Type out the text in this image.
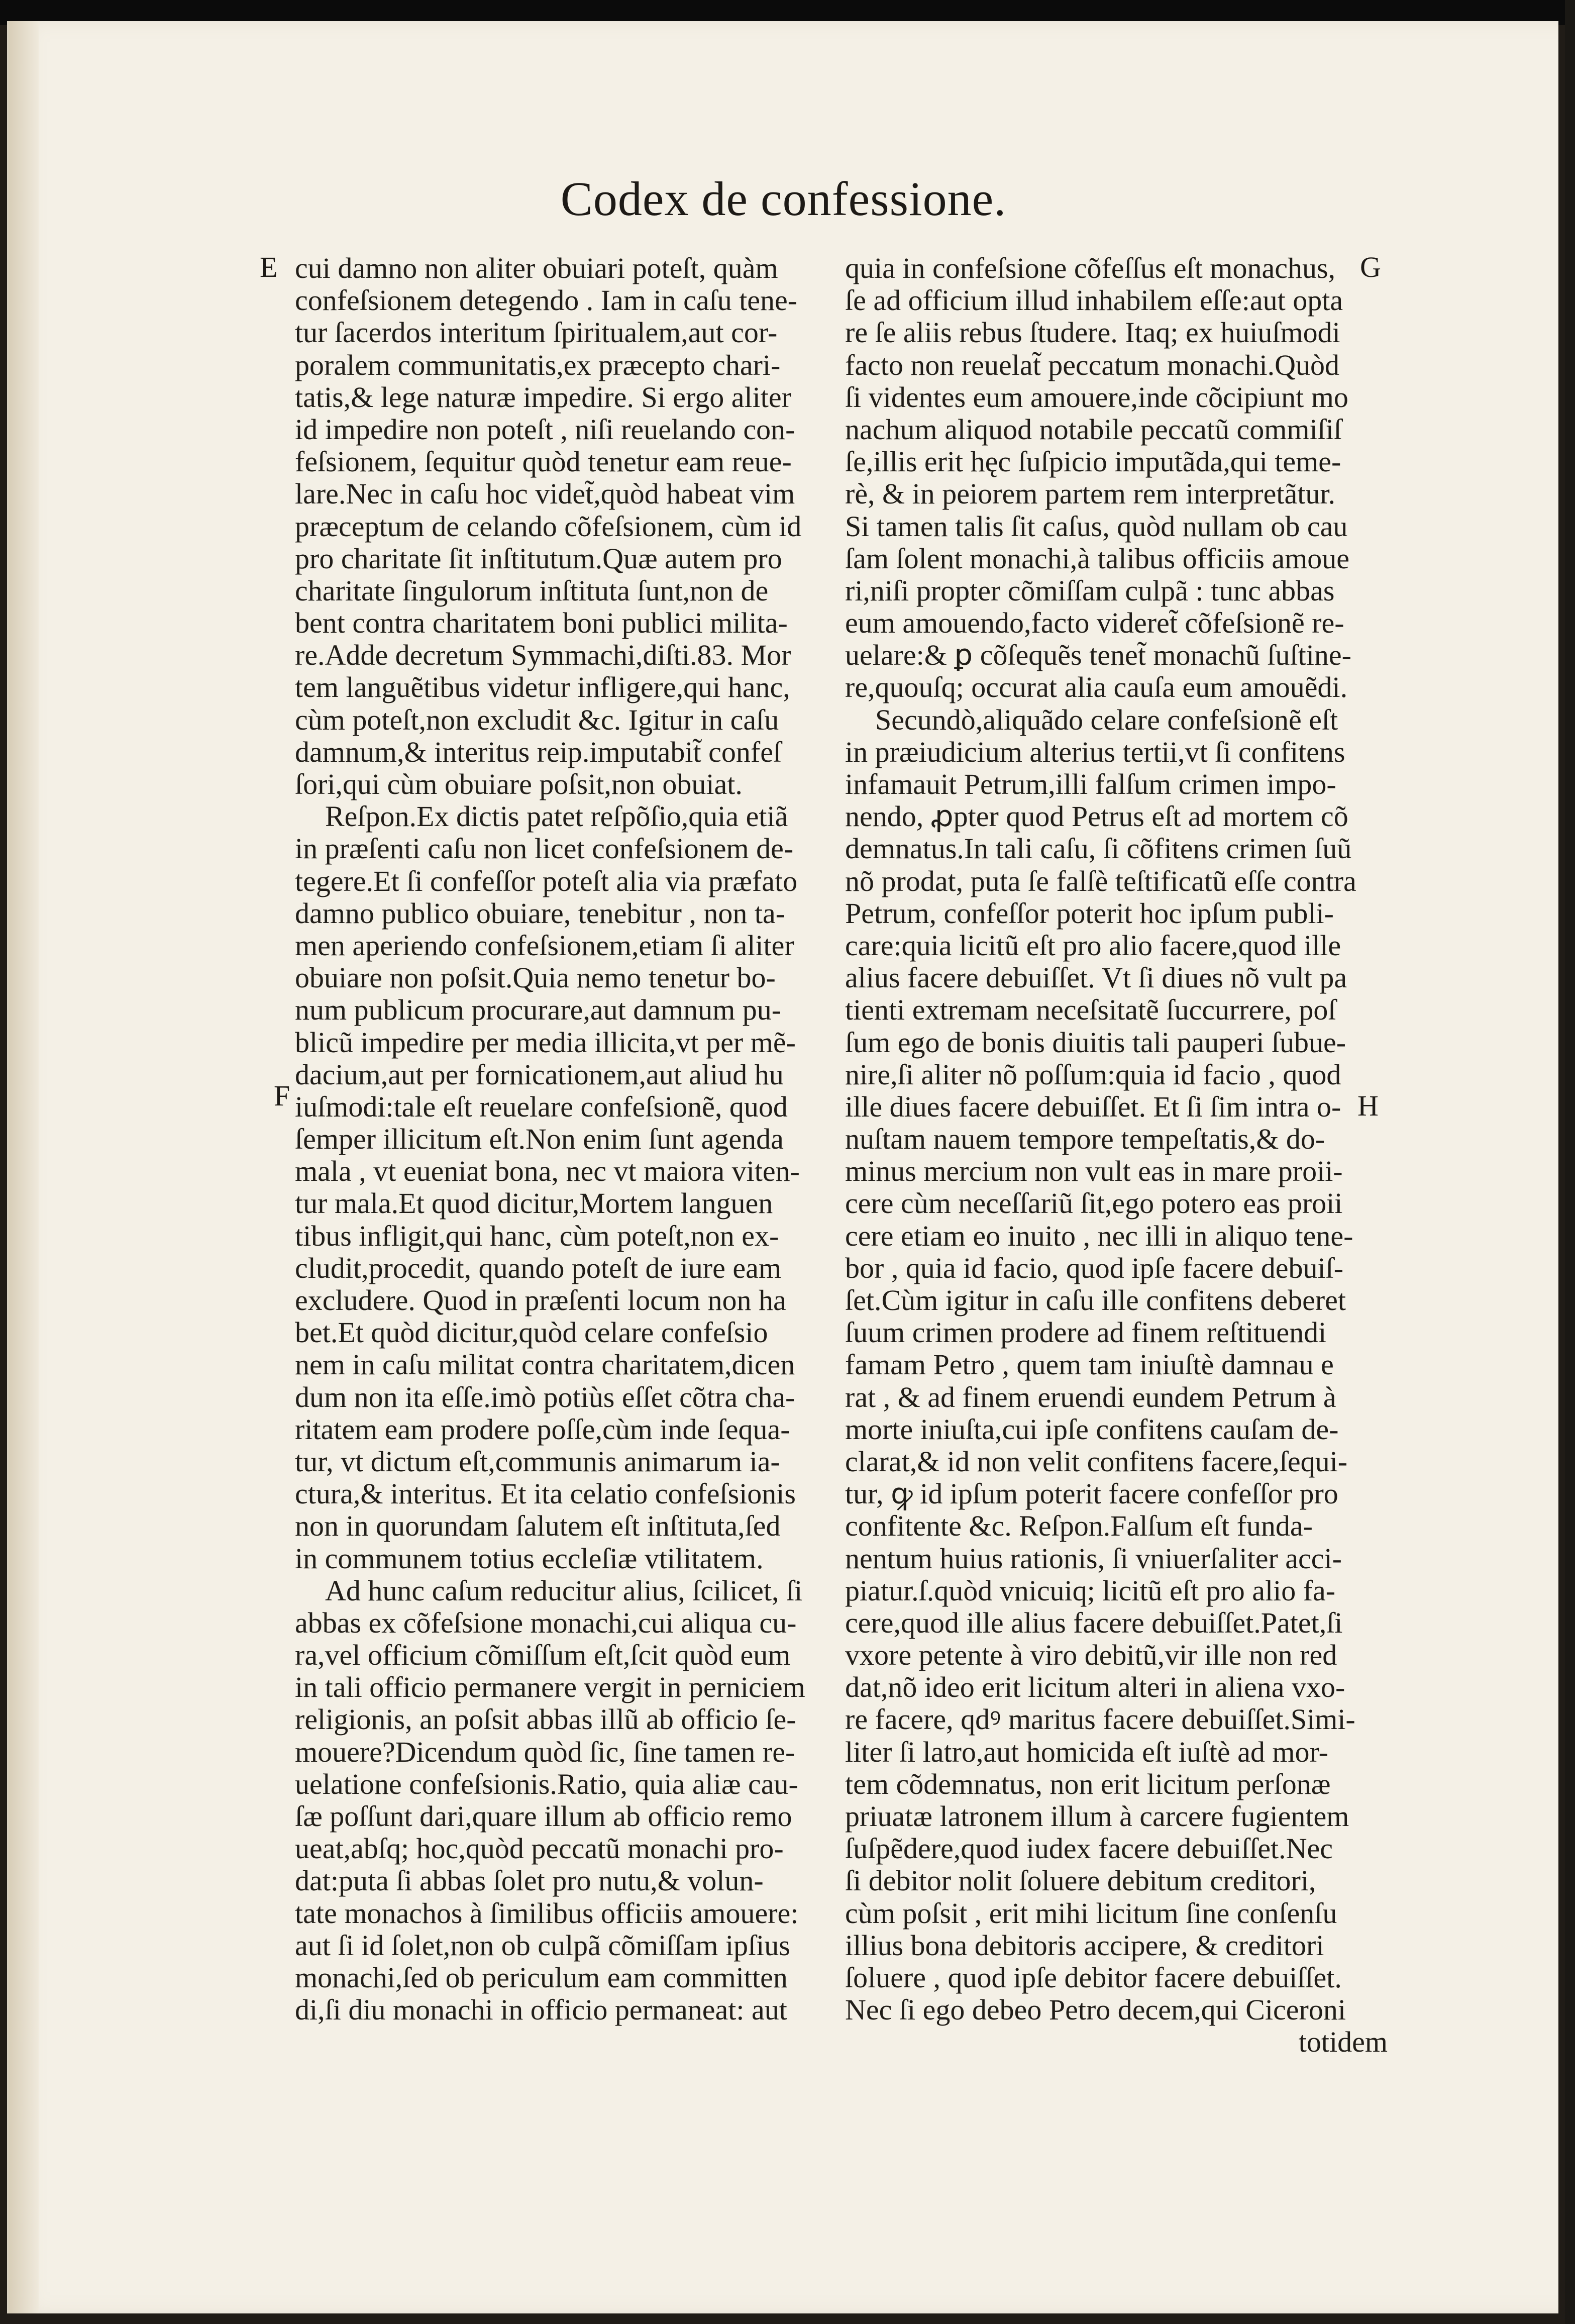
Codex de confessione.
E
F
G
H
cui damno non aliter obuiari poteſt, quàm
confeſsionem detegendo . Iam in caſu tene-
tur ſacerdos interitum ſpiritualem,aut cor-
poralem communitatis,ex præcepto chari-
tatis,& lege naturæ impedire. Si ergo aliter
id impedire non poteſt , niſi reuelando con-
feſsionem, ſequitur quòd tenetur eam reue-
lare.Nec in caſu hoc videt̃,quòd habeat vim
præceptum de celando cõfeſsionem, cùm id
pro charitate ſit inſtitutum.Quæ autem pro
charitate ſingulorum inſtituta ſunt,non de
bent contra charitatem boni publici milita-
re.Adde decretum Symmachi,diſti.83. Mor
tem languẽtibus videtur infligere,qui hanc,
cùm poteſt,non excludit &c. Igitur in caſu
damnum,& interitus reip.imputabit̃ confeſ
ſori,qui cùm obuiare poſsit,non obuiat.
Reſpon.Ex dictis patet reſpõſio,quia etiã
in præſenti caſu non licet confeſsionem de-
tegere.Et ſi confeſſor poteſt alia via præfato
damno publico obuiare, tenebitur , non ta-
men aperiendo confeſsionem,etiam ſi aliter
obuiare non poſsit.Quia nemo tenetur bo-
num publicum procurare,aut damnum pu-
blicũ impedire per media illicita,vt per mẽ-
dacium,aut per fornicationem,aut aliud hu
iuſmodi:tale eſt reuelare confeſsionẽ, quod
ſemper illicitum eſt.Non enim ſunt agenda
mala , vt eueniat bona, nec vt maiora viten-
tur mala.Et quod dicitur,Mortem languen
tibus infligit,qui hanc, cùm poteſt,non ex-
cludit,procedit, quando poteſt de iure eam
excludere. Quod in præſenti locum non ha
bet.Et quòd dicitur,quòd celare confeſsio
nem in caſu militat contra charitatem,dicen
dum non ita eſſe.imò potiùs eſſet cõtra cha-
ritatem eam prodere poſſe,cùm inde ſequa-
tur, vt dictum eſt,communis animarum ia-
ctura,& interitus. Et ita celatio confeſsionis
non in quorundam ſalutem eſt inſtituta,ſed
in communem totius eccleſiæ vtilitatem.
Ad hunc caſum reducitur alius, ſcilicet, ſi
abbas ex cõfeſsione monachi,cui aliqua cu-
ra,vel officium cõmiſſum eſt,ſcit quòd eum
in tali officio permanere vergit in perniciem
religionis, an poſsit abbas illũ ab officio ſe-
mouere?Dicendum quòd ſic, ſine tamen re-
uelatione confeſsionis.Ratio, quia aliæ cau-
ſæ poſſunt dari,quare illum ab officio remo
ueat,abſq; hoc,quòd peccatũ monachi pro-
dat:puta ſi abbas ſolet pro nutu,& volun-
tate monachos à ſimilibus officiis amouere:
aut ſi id ſolet,non ob culpã cõmiſſam ipſius
monachi,ſed ob periculum eam committen
di,ſi diu monachi in officio permaneat: aut
quia in confeſsione cõfeſſus eſt monachus,
ſe ad officium illud inhabilem eſſe:aut opta
re ſe aliis rebus ſtudere. Itaq; ex huiuſmodi
facto non reuelat̃ peccatum monachi.Quòd
ſi videntes eum amouere,inde cõcipiunt mo
nachum aliquod notabile peccatũ commiſiſ
ſe,illis erit hęc ſuſpicio imputãda,qui teme-
rè, & in peiorem partem rem interpretãtur.
Si tamen talis ſit caſus, quòd nullam ob cau
ſam ſolent monachi,à talibus officiis amoue
ri,niſi propter cõmiſſam culpã : tunc abbas
eum amouendo,facto videret̃ cõfeſsionẽ re-
uelare:& ꝑ cõſequẽs tenet̃ monachũ ſuſtine-
re,quouſq; occurat alia cauſa eum amouẽdi.
Secundò,aliquãdo celare confeſsionẽ eſt
in præiudicium alterius tertii,vt ſi confitens
infamauit Petrum,illi falſum crimen impo-
nendo, ꝓpter quod Petrus eſt ad mortem cõ
demnatus.In tali caſu, ſi cõfitens crimen ſuũ
nõ prodat, puta ſe falſè teſtificatũ eſſe contra
Petrum, confeſſor poterit hoc ipſum publi-
care:quia licitũ eſt pro alio facere,quod ille
alius facere debuiſſet. Vt ſi diues nõ vult pa
tienti extremam neceſsitatẽ ſuccurrere, poſ
ſum ego de bonis diuitis tali pauperi ſubue-
nire,ſi aliter nõ poſſum:quia id facio , quod
ille diues facere debuiſſet. Et ſi ſim intra o-
nuſtam nauem tempore tempeſtatis,& do-
minus mercium non vult eas in mare proii-
cere cùm neceſſariũ ſit,ego potero eas proii
cere etiam eo inuito , nec illi in aliquo tene-
bor , quia id facio, quod ipſe facere debuiſ-
ſet.Cùm igitur in caſu ille confitens deberet
ſuum crimen prodere ad finem reſtituendi
famam Petro , quem tam iniuſtè damnau e
rat , & ad finem eruendi eundem Petrum à
morte iniuſta,cui ipſe confitens cauſam de-
clarat,& id non velit confitens facere,ſequi-
tur, ꝙ id ipſum poterit facere confeſſor pro
confitente &c. Reſpon.Falſum eſt funda-
nentum huius rationis, ſi vniuerſaliter acci-
piatur.ſ.quòd vnicuiq; licitũ eſt pro alio fa-
cere,quod ille alius facere debuiſſet.Patet,ſi
vxore petente à viro debitũ,vir ille non red
dat,nõ ideo erit licitum alteri in aliena vxo-
re facere, qdꝰ maritus facere debuiſſet.Simi-
liter ſi latro,aut homicida eſt iuſtè ad mor-
tem cõdemnatus, non erit licitum perſonæ
priuatæ latronem illum à carcere fugientem
ſuſpẽdere,quod iudex facere debuiſſet.Nec
ſi debitor nolit ſoluere debitum creditori,
cùm poſsit , erit mihi licitum ſine conſenſu
illius bona debitoris accipere, & creditori
ſoluere , quod ipſe debitor facere debuiſſet.
Nec ſi ego debeo Petro decem,qui Ciceroni
totidem
